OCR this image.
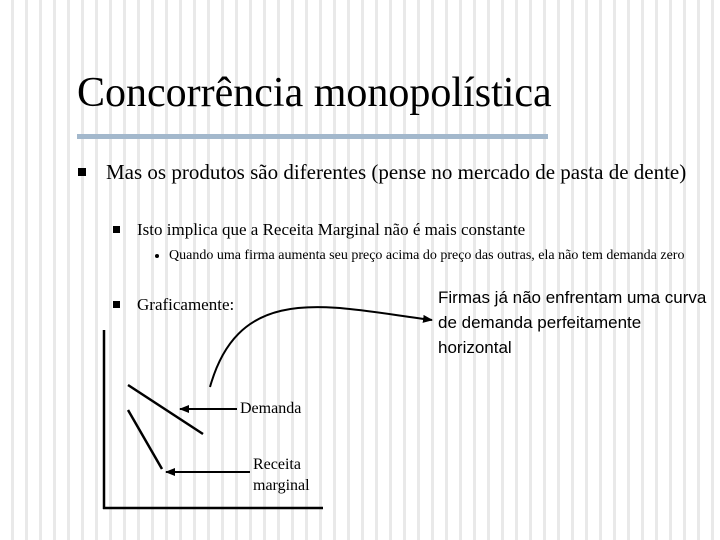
Concorrência monopolística

Mas os produtos são diferentes (pense no mercado de pasta de dente)

Isto implica que a Receita Marginal não é mais constante

Quando uma firma aumenta seu preço acima do preço das outras, ela não tem demanda zero

Graficamente:	Firmas já não enfrentam uma curva de demanda perfeitamente horizontal
Demanda
Receita marginal
